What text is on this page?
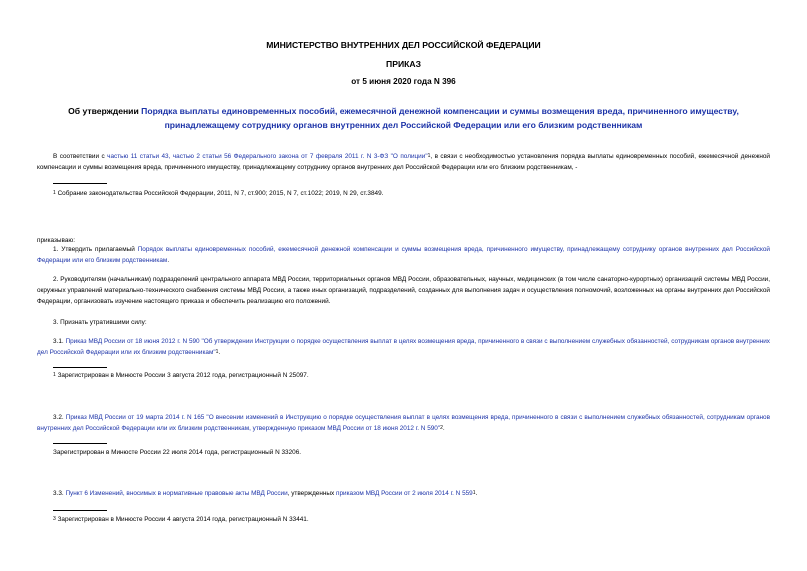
МИНИСТЕРСТВО ВНУТРЕННИХ ДЕЛ РОССИЙСКОЙ ФЕДЕРАЦИИ
ПРИКАЗ
от 5 июня 2020 года N 396
Об утверждении Порядка выплаты единовременных пособий, ежемесячной денежной компенсации и суммы возмещения вреда, причиненного имуществу, принадлежащему сотруднику органов внутренних дел Российской Федерации или его близким родственникам
В соответствии с частью 11 статьи 43, частью 2 статьи 56 Федерального закона от 7 февраля 2011 г. N 3-ФЗ "О полиции"$^1$, в связи с необходимостью установления порядка выплаты единовременных пособий, ежемесячной денежной компенсации и суммы возмещения вреда, причиненного имуществу, принадлежащему сотруднику органов внутренних дел Российской Федерации или его близким родственникам, -
$^1$ Собрание законодательства Российской Федерации, 2011, N 7, ст.900; 2015, N 7, ст.1022; 2019, N 29, ст.3849.
приказываю:
1. Утвердить прилагаемый Порядок выплаты единовременных пособий, ежемесячной денежной компенсации и суммы возмещения вреда, причиненного имуществу, принадлежащему сотруднику органов внутренних дел Российской Федерации или его близким родственникам.
2. Руководителям (начальникам) подразделений центрального аппарата МВД России, территориальных органов МВД России, образовательных, научных, медицинских (в том числе санаторно-курортных) организаций системы МВД России, окружных управлений материально-технического снабжения системы МВД России, а также иных организаций, подразделений, созданных для выполнения задач и осуществления полномочий, возложенных на органы внутренних дел Российской Федерации, организовать изучение настоящего приказа и обеспечить реализацию его положений.
3. Признать утратившими силу:
3.1. Приказ МВД России от 18 июня 2012 г. N 590 "Об утверждении Инструкции о порядке осуществления выплат в целях возмещения вреда, причиненного в связи с выполнением служебных обязанностей, сотрудникам органов внутренних дел Российской Федерации или их близким родственникам"$^1$.
$^1$ Зарегистрирован в Минюсте России 3 августа 2012 года, регистрационный N 25097.
3.2. Приказ МВД России от 19 марта 2014 г. N 165 "О внесении изменений в Инструкцию о порядке осуществления выплат в целях возмещения вреда, причиненного в связи с выполнением служебных обязанностей, сотрудникам органов внутренних дел Российской Федерации или их близким родственникам, утвержденную приказом МВД России от 18 июня 2012 г. N 590"$^2$.
Зарегистрирован в Минюсте России 22 июля 2014 года, регистрационный N 33206.
3.3. Пункт 6 Изменений, вносимых в нормативные правовые акты МВД России, утвержденных приказом МВД России от 2 июля 2014 г. N $559^1$.
$^3$ Зарегистрирован в Минюсте России 4 августа 2014 года, регистрационный N 33441.
